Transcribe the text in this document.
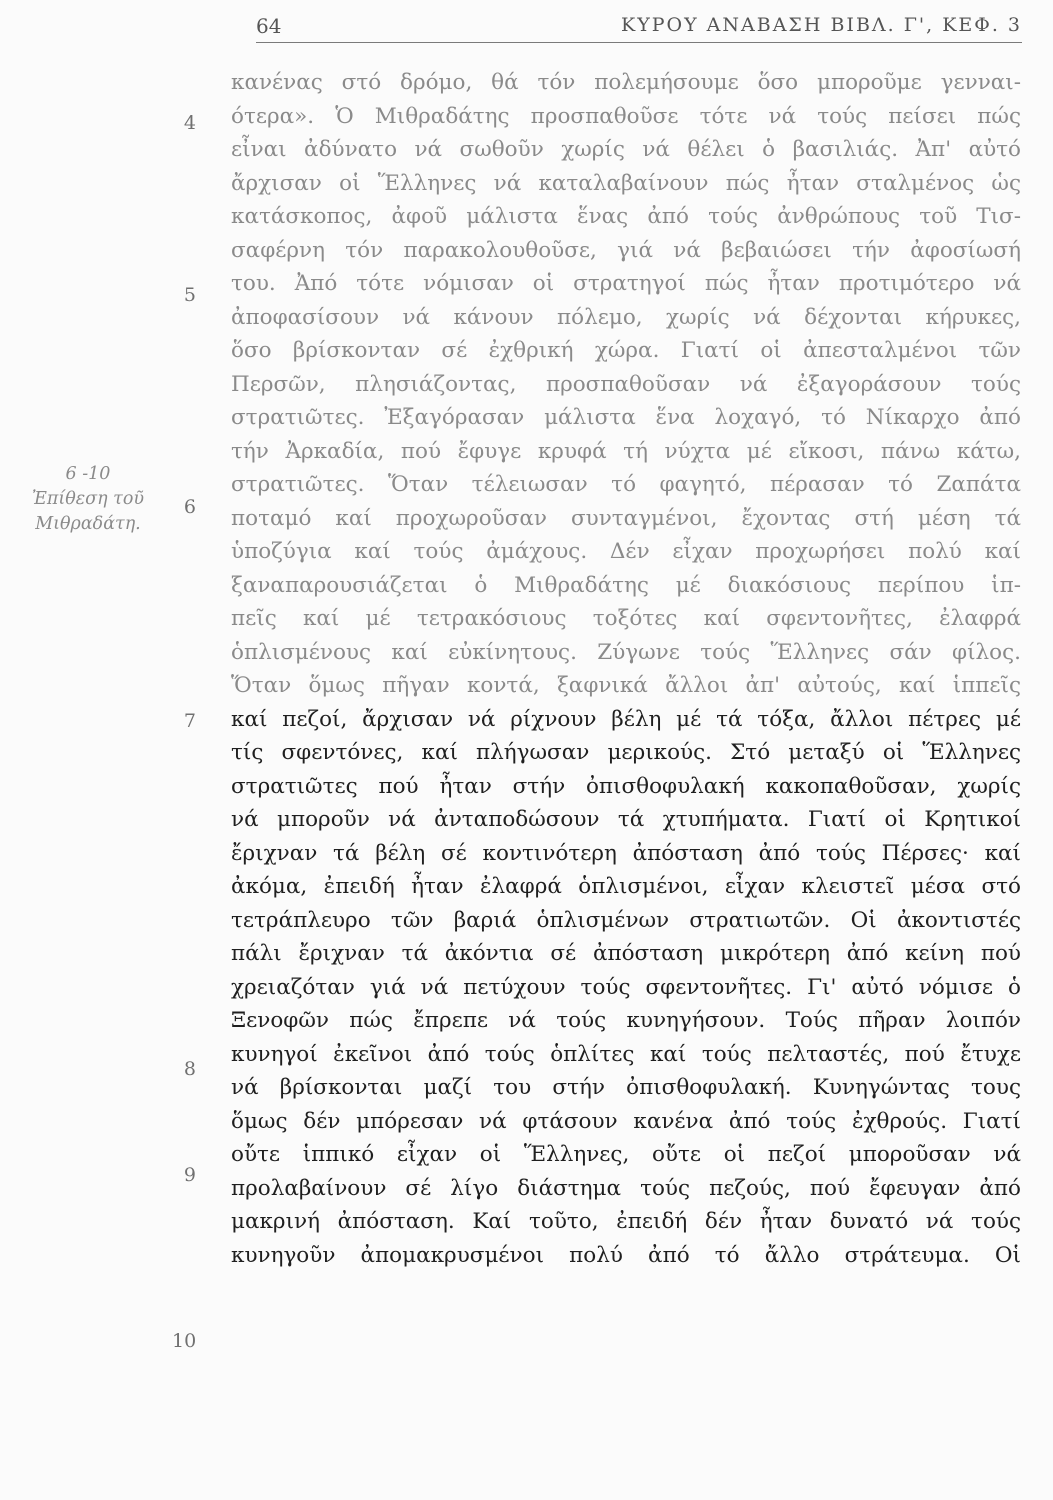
64	ΚΥΡΟΥ ΑΝΑΒΑΣΗ ΒΙΒΛ. Γ', ΚΕΦ. 3
6 -10
Ἐπίθεση τοῦ
Μιθραδάτη.
4
5
6
7
8
9
10
κανένας στό δρόμο, θά τόν πολεμήσουμε ὅσο μποροῦμε γενναι-
ότερα». Ὁ Μιθραδάτης προσπαθοῦσε τότε νά τούς πείσει πώς
εἶναι ἀδύνατο νά σωθοῦν χωρίς νά θέλει ὁ βασιλιάς. Ἀπ' αὐτό
ἄρχισαν οἱ Ἕλληνες νά καταλαβαίνουν πώς ἦταν σταλμένος ὡς
κατάσκοπος, ἀφοῦ μάλιστα ἕνας ἀπό τούς ἀνθρώπους τοῦ Τισ-
σαφέρνη τόν παρακολουθοῦσε, γιά νά βεβαιώσει τήν ἀφοσίωσή
του. Ἀπό τότε νόμισαν οἱ στρατηγοί πώς ἦταν προτιμότερο νά
ἀποφασίσουν νά κάνουν πόλεμο, χωρίς νά δέχονται κήρυκες,
ὅσο βρίσκονταν σέ ἐχθρική χώρα. Γιατί οἱ ἀπεσταλμένοι τῶν
Περσῶν, πλησιάζοντας, προσπαθοῦσαν νά ἐξαγοράσουν τούς
στρατιῶτες. Ἐξαγόρασαν μάλιστα ἕνα λοχαγό, τό Νίκαρχο ἀπό
τήν Ἀρκαδία, πού ἔφυγε κρυφά τή νύχτα μέ εἴκοσι, πάνω κάτω,
στρατιῶτες. Ὅταν τέλειωσαν τό φαγητό, πέρασαν τό Ζαπάτα
ποταμό καί προχωροῦσαν συνταγμένοι, ἔχοντας στή μέση τά
ὑποζύγια καί τούς ἀμάχους. Δέν εἶχαν προχωρήσει πολύ καί
ξαναπαρουσιάζεται ὁ Μιθραδάτης μέ διακόσιους περίπου ἱπ-
πεῖς καί μέ τετρακόσιους τοξότες καί σφεντονῆτες, ἐλαφρά
ὁπλισμένους καί εὐκίνητους. Ζύγωνε τούς Ἕλληνες σάν φίλος.
Ὅταν ὅμως πῆγαν κοντά, ξαφνικά ἄλλοι ἀπ' αὐτούς, καί ἱππεῖς
καί πεζοί, ἄρχισαν νά ρίχνουν βέλη μέ τά τόξα, ἄλλοι πέτρες μέ
τίς σφεντόνες, καί πλήγωσαν μερικούς. Στό μεταξύ οἱ Ἕλληνες
στρατιῶτες πού ἦταν στήν ὀπισθοφυλακή κακοπαθοῦσαν, χωρίς
νά μποροῦν νά ἀνταποδώσουν τά χτυπήματα. Γιατί οἱ Κρητικοί
ἔριχναν τά βέλη σέ κοντινότερη ἀπόσταση ἀπό τούς Πέρσες· καί
ἀκόμα, ἐπειδή ἦταν ἐλαφρά ὁπλισμένοι, εἶχαν κλειστεῖ μέσα στό
τετράπλευρο τῶν βαριά ὁπλισμένων στρατιωτῶν. Οἱ ἀκοντιστές
πάλι ἔριχναν τά ἀκόντια σέ ἀπόσταση μικρότερη ἀπό κείνη πού
χρειαζόταν γιά νά πετύχουν τούς σφεντονῆτες. Γι' αὐτό νόμισε ὁ
Ξενοφῶν πώς ἔπρεπε νά τούς κυνηγήσουν. Τούς πῆραν λοιπόν
κυνηγοί ἐκεῖνοι ἀπό τούς ὁπλίτες καί τούς πελταστές, πού ἔτυχε
νά βρίσκονται μαζί του στήν ὀπισθοφυλακή. Κυνηγώντας τους
ὅμως δέν μπόρεσαν νά φτάσουν κανένα ἀπό τούς ἐχθρούς. Γιατί
οὔτε ἱππικό εἶχαν οἱ Ἕλληνες, οὔτε οἱ πεζοί μποροῦσαν νά
προλαβαίνουν σέ λίγο διάστημα τούς πεζούς, πού ἔφευγαν ἀπό
μακρινή ἀπόσταση. Καί τοῦτο, ἐπειδή δέν ἦταν δυνατό νά τούς
κυνηγοῦν ἀπομακρυσμένοι πολύ ἀπό τό ἄλλο στράτευμα. Οἱ
